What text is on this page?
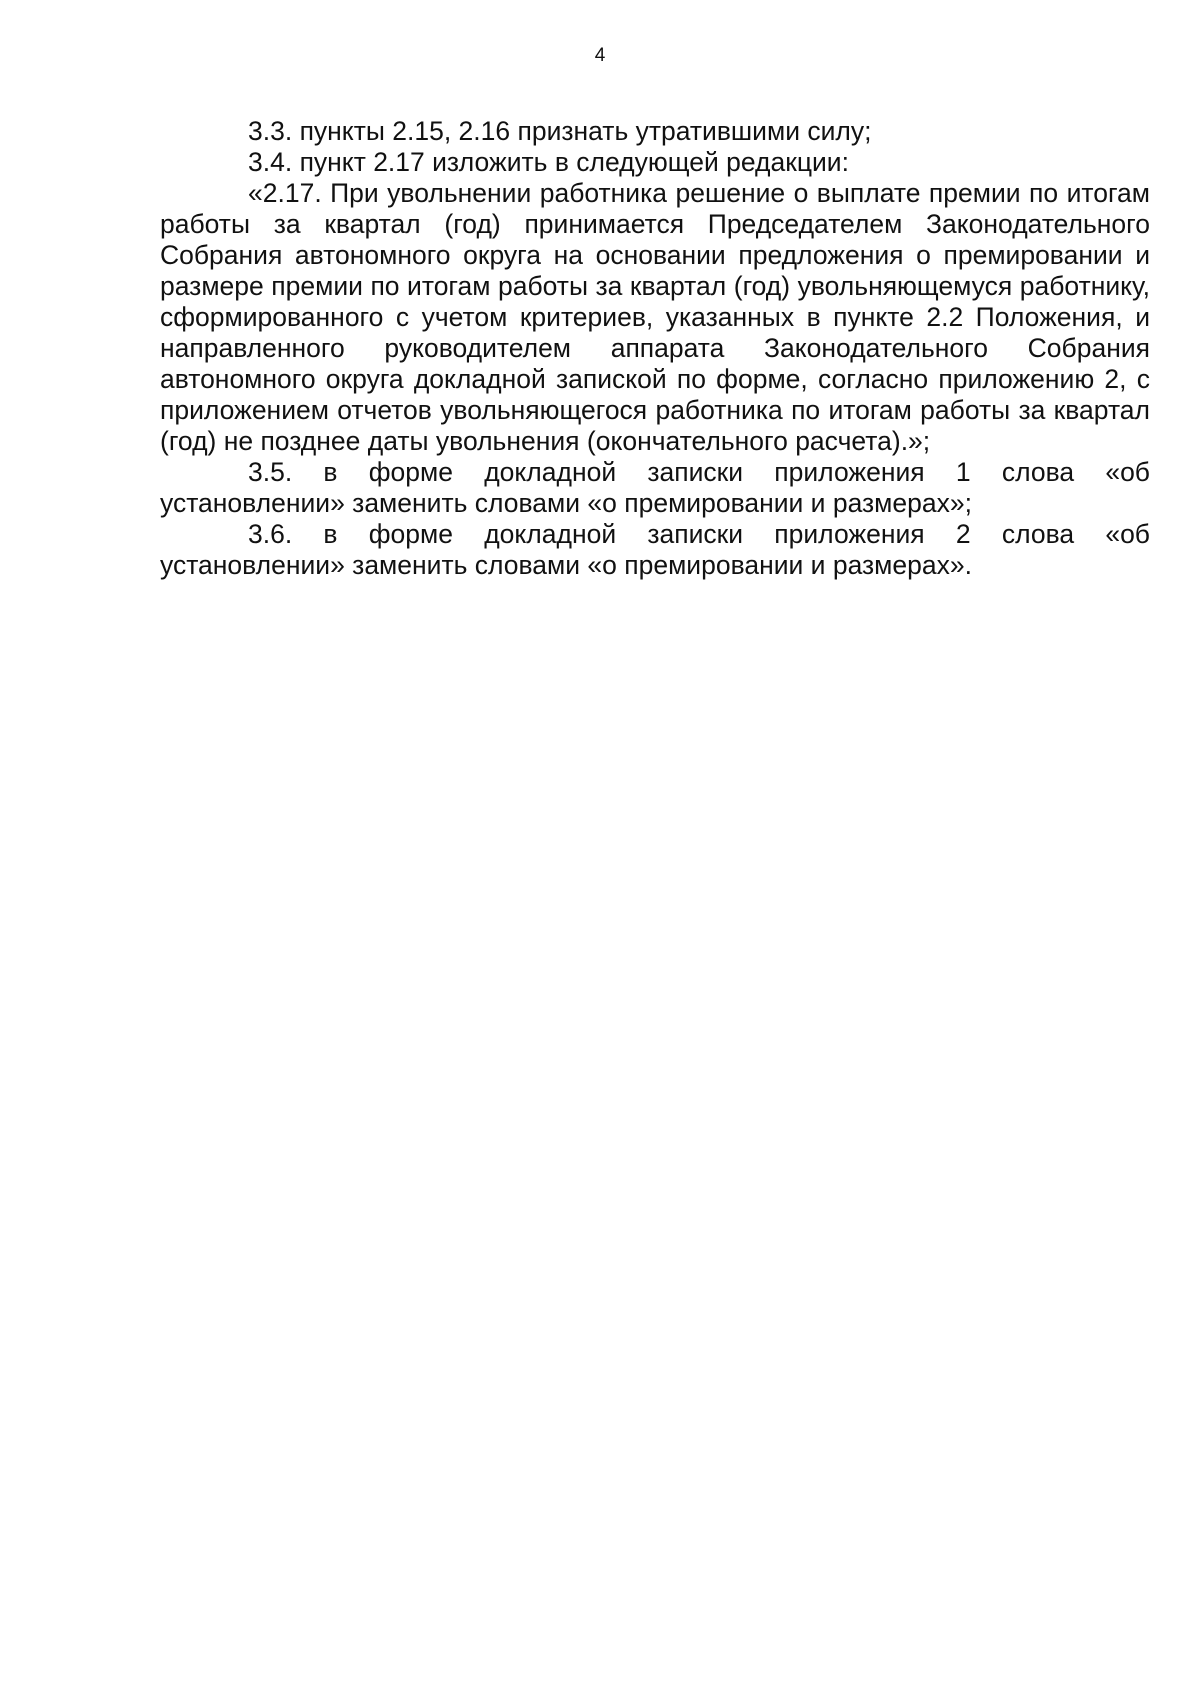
4

3.3. пункты 2.15, 2.16 признать утратившими силу;

3.4. пункт 2.17 изложить в следующей редакции:

«2.17. При увольнении работника решение о выплате премии по итогам работы за квартал (год) принимается Председателем Законодательного Собрания автономного округа на основании предложения о премировании и размере премии по итогам работы за квартал (год) увольняющемуся работнику, сформированного с учетом критериев, указанных в пункте 2.2 Положения, и направленного руководителем аппарата Законодательного Собрания автономного округа докладной запиской по форме, согласно приложению 2, с приложением отчетов увольняющегося работника по итогам работы за квартал (год) не позднее даты увольнения (окончательного расчета).»;

3.5. в форме докладной записки приложения 1 слова «об установлении» заменить словами «о премировании и размерах»;

3.6. в форме докладной записки приложения 2 слова «об установлении» заменить словами «о премировании и размерах».
